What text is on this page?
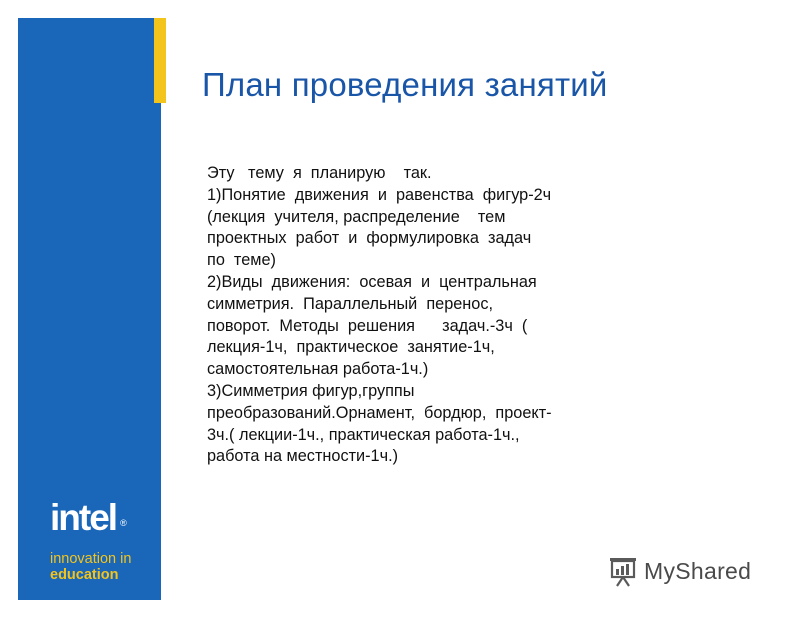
План проведения занятий
Эту   тему  я  планирую    так.
1)Понятие  движения  и  равенства  фигур-2ч
(лекция  учителя, распределение    тем
проектных  работ  и  формулировка  задач
по  теме)
2)Виды  движения:  осевая  и  центральная
симметрия.  Параллельный  перенос,
поворот.  Методы  решения      задач.-3ч  (
лекция-1ч,  практическое  занятие-1ч,
самостоятельная работа-1ч.)
3)Симметрия фигур,группы
преобразований.Орнамент,  бордюр,  проект-
3ч.( лекции-1ч., практическая работа-1ч.,
работа на местности-1ч.)
intel ®
innovation in
education	MyShared
